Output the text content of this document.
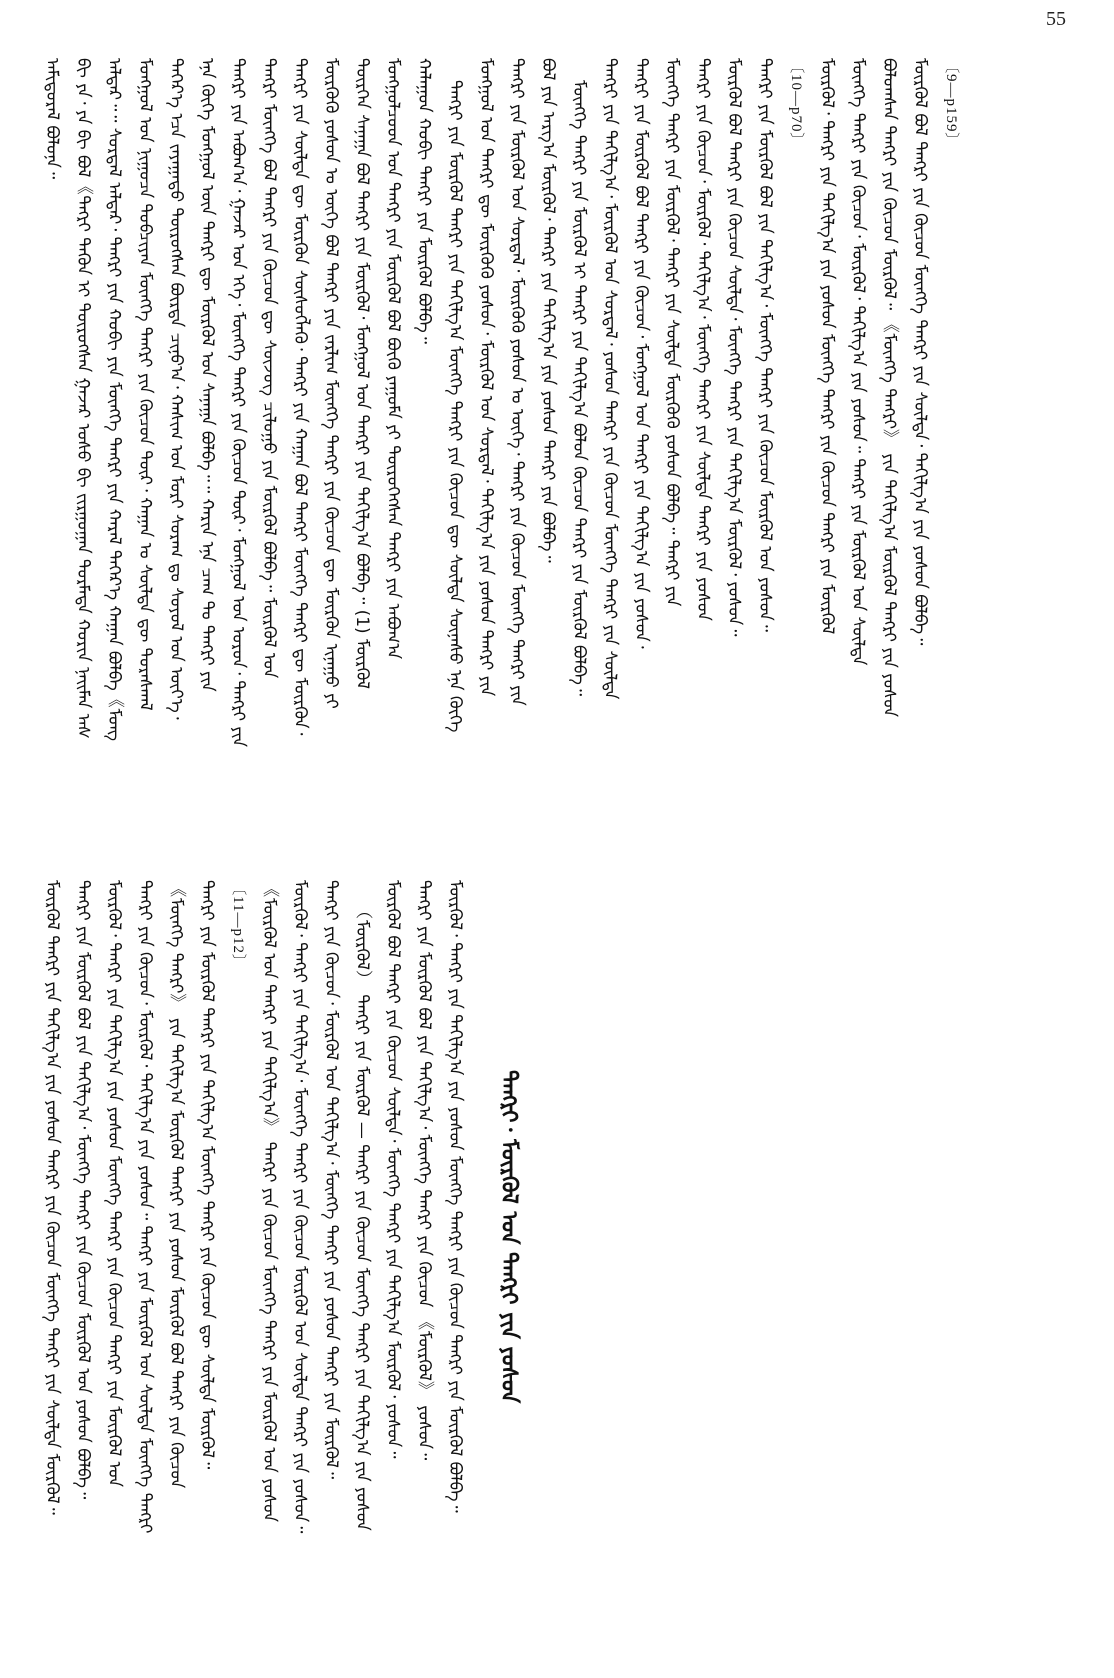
55
ᠠᠮᠢᠳᠤᠷᠠᠯ ᠪᠣᠯᠤᠨᠠ᠃ ᠪᠢ ᠶᠠ᠂ ᠶᠠ ᠪᠢ ᠪᠣᠯ《ᠲᠡᠭᠷᠢ ᠲᠡᠭᠦᠨ ᠢ ᠲᠥᠷᠥᠭᠰᠡᠨ ᠭᠠᠵᠠᠷ ᠤᠰᠤ ᠪᠢ ᠵᠢᠷᠭᠤᠭᠠᠨ ᠲᠣᠷᠮᠠᠲᠠ ᠬᠣᠷᠢᠨ ᠨᠠᠢᠮᠠᠨ ᠠᠰ ᠠᠯᠳᠠᠷ᠃᠃ ᠰᠤᠷᠲᠠᠯ ᠠᠯᠳᠠᠷ᠂ ᠲᠡᠩᠷᠢ ᠶᠢᠨ ᠬᠤᠪᠢ ᠶᠢᠨ ᠮᠦᠩᠬᠡ ᠲᠡᠩᠷᠢ ᠶᠢᠨ ᠬᠠᠷᠠᠯ ᠳᠡᠭᠡᠷ᠎ᠡ ᠬᠠᠭᠠᠨ ᠪᠣᠯᠪᠠ《ᠮᠣᠩ ᠮᠣᠩᠭᠣᠯ ᠤᠨ ᠨᠢᠭᠤᠴᠠ ᠲᠣᠪᠴᠢᠶᠠᠨ ᠮᠥᠩᠬᠡ ᠲᠡᠩᠷᠢ ᠶᠢᠨ ᠬᠦᠴᠦᠨ ᠳᠦᠷ᠂ ᠬᠠᠭᠠᠨ ᠤ ᠰᠦᠯᠳᠡ ᠳᠦ ᠳᠤᠷᠠᠰᠬᠠᠯ ᠳᠡᠭᠡᠷ᠎ᠡ ᠡᠴᠡ ᠵᠠᠶᠠᠭᠠᠲᠤ ᠲᠥᠷᠥᠭᠰᠡᠨ ᠪᠥᠷᠲᠡ ᠴᠢᠨᠣ᠎ᠠ᠂ ᠬᠠᠰᠢᠭ ᠤᠨ ᠮᠣᠷᠢ ᠰᠤᠷᠠᠭ ᠳᠤ ᠰᠣᠶᠣᠯ ᠤᠨ ᠦᠶ᠎ᠡ᠂ ᠡᠨᠡ ᠬᠥᠬᠡ ᠮᠣᠩᠭᠣᠯ ᠦᠨ ᠲᠡᠩᠷᠢ ᠳᠦ ᠮᠥᠷᠭᠦᠯ ᠤᠨ ᠰᠠᠨᠠᠭᠠ ᠪᠣᠯᠪᠠ᠃᠃ ᠬᠠᠷᠢᠨ ᠡᠨᠡ ᠴᠠᠭ ᠲᠤ ᠲᠡᠩᠷᠢ ᠶᠢᠨ ᠲᠡᠩᠷᠢ ᠶᠢᠨ ᠠᠪᠤᠭ᠎ᠠ᠂ ᠭᠠᠵᠠᠷ ᠤᠨ ᠡᠬᠡ᠂ ᠮᠥᠩᠬᠡ ᠲᠡᠩᠷᠢ ᠶᠢᠨ ᠬᠦᠴᠦᠨ ᠳᠦᠷ᠂ ᠮᠣᠩᠭᠣᠯ ᠤᠨ ᠣᠷᠤᠨ᠂ ᠲᠡᠩᠷᠢ ᠶᠢᠨ ᠲᠡᠩᠷᠢ ᠮᠥᠩᠬᠡ ᠪᠣᠯ ᠲᠡᠩᠷᠢ ᠶᠢᠨ ᠬᠦᠴᠦᠨ ᠳᠦ ᠰᠦᠵᠦᠭ ᠴᠢᠯᠤᠭᠤ ᠶᠢᠨ ᠮᠥᠷᠭᠦᠯ ᠪᠣᠯᠪᠠ᠃ ᠮᠥᠷᠭᠦᠯ ᠤᠨ ᠲᠡᠩᠷᠢ ᠶᠢᠨ ᠰᠦᠯᠳᠡ ᠳᠦ ᠮᠥᠷᠭᠦᠨ ᠰᠦᠰᠥᠭᠯᠡᠬᠦ᠂ ᠲᠡᠩᠷᠢ ᠶᠢᠨ ᠬᠠᠭᠠᠨ ᠪᠣᠯ ᠲᠡᠩᠷᠢ ᠮᠥᠩᠬᠡ ᠲᠡᠩᠷᠢ ᠳᠦ ᠮᠥᠷᠭᠦᠨ᠂ ᠮᠥᠷᠭᠦᠬᠦ ᠶᠣᠰᠣᠨ ᠤ ᠦᠭᠡ ᠪᠣᠯ ᠲᠡᠩᠷᠢ ᠶᠢᠨ ᠵᠠᠷᠯᠢᠭ ᠮᠥᠩᠬᠡ ᠲᠡᠩᠷᠢ ᠶᠢᠨ ᠬᠦᠴᠦᠨ ᠳᠦ ᠮᠥᠷᠭᠦᠨ ᠢᠨᠠᠭᠤ ᠶᠢ ᠲᠦᠷᠭᠡᠨ ᠰᠠᠨᠠᠭᠠ ᠪᠣᠯ ᠲᠡᠩᠷᠢ ᠶᠢᠨ ᠮᠥᠷᠭᠦᠯ᠂ ᠮᠣᠩᠭᠣᠯ ᠤᠨ ᠲᠡᠩᠷᠢ ᠶᠢᠨ ᠲᠠᠬᠢᠯᠭ᠎ᠠ ᠪᠣᠯᠪᠠ᠃ (1) ᠮᠥᠷᠭᠦᠯ ᠮᠣᠩᠭᠣᠯᠴᠤᠳ ᠤᠨ ᠲᠡᠩᠷᠢ ᠶᠢᠨ ᠮᠥᠷᠭᠦᠯ ᠪᠣᠯ ᠪᠦᠬᠦ ᠶᠠᠭᠤᠮᠠ ᠶᠢ ᠲᠥᠷᠥᠭᠡᠭᠰᠡᠨ ᠲᠡᠩᠷᠢ ᠶᠢᠨ ᠠᠪᠤᠭ᠎ᠠ ᠬᠠᠯᠠᠭᠤᠨ ᠬᠤᠪᠢ ᠲᠡᠩᠷᠢ ᠶᠢᠨ ᠮᠥᠷᠭᠦᠯ ᠪᠣᠯᠪᠠ᠃ ᠲᠡᠩᠷᠢ ᠶᠢᠨ ᠮᠥᠷᠭᠦᠯ ᠲᠡᠩᠷᠢ ᠶᠢᠨ ᠲᠠᠬᠢᠯᠭ᠎ᠠ ᠮᠥᠩᠬᠡ ᠲᠡᠩᠷᠢ ᠶᠢᠨ ᠬᠦᠴᠦᠨ ᠳᠦ ᠰᠦᠯᠳᠡ ᠰᠦᠨᠡᠰᠦ ᠡᠨᠡ ᠬᠥᠬᠡ ᠮᠣᠩᠭᠣᠯ ᠤᠨ ᠲᠡᠩᠷᠢ ᠳᠦ ᠮᠥᠷᠭᠦᠬᠦ ᠶᠣᠰᠣᠨ᠂ ᠮᠥᠷᠭᠦᠯ ᠤᠨ ᠰᠤᠷᠲᠠᠯ᠂ ᠲᠠᠬᠢᠯᠭ᠎ᠠ ᠶᠢᠨ ᠶᠣᠰᠣᠨ ᠲᠡᠩᠷᠢ ᠶᠢᠨ ᠲᠡᠩᠷᠢ ᠶᠢᠨ ᠮᠥᠷᠭᠦᠯ ᠤᠨ ᠰᠤᠷᠲᠠᠯ᠂ ᠮᠥᠷᠭᠦᠬᠦ ᠶᠣᠰᠣᠨ ᠤ ᠦᠭᠡ᠂ ᠲᠡᠩᠷᠢ ᠶᠢᠨ ᠬᠦᠴᠦᠨ ᠮᠥᠩᠬᠡ ᠲᠡᠩᠷᠢ ᠶᠢᠨ ᠪᠣᠯ ᠶᠢᠨ ᠠᠷᠭ᠎ᠠ ᠮᠥᠷᠭᠦᠯ᠂ ᠲᠡᠩᠷᠢ ᠶᠢᠨ ᠲᠠᠬᠢᠯᠭ᠎ᠠ ᠶᠢᠨ ᠶᠣᠰᠣᠨ ᠲᠡᠩᠷᠢ ᠶᠢᠨ ᠪᠣᠯᠪᠠ᠃ ᠮᠥᠩᠬᠡ ᠲᠡᠩᠷᠢ ᠶᠢᠨ ᠮᠥᠷᠭᠦᠯ ᠢ ᠲᠡᠩᠷᠢ ᠶᠢᠨ ᠲᠠᠬᠢᠯᠭ᠎ᠠ ᠪᠣᠯᠤᠨ ᠬᠦᠴᠦᠨ ᠲᠡᠩᠷᠢ ᠶᠢᠨ ᠮᠥᠷᠭᠦᠯ ᠪᠣᠯᠪᠠ᠃ ᠲᠡᠩᠷᠢ ᠶᠢᠨ ᠲᠠᠬᠢᠯᠭ᠎ᠠ᠂ ᠮᠥᠷᠭᠦᠯ ᠤᠨ ᠰᠤᠷᠲᠠᠯ᠂ ᠶᠣᠰᠣᠨ ᠲᠡᠩᠷᠢ ᠶᠢᠨ ᠬᠦᠴᠦᠨ ᠮᠥᠩᠬᠡ ᠲᠡᠩᠷᠢ ᠶᠢᠨ ᠰᠦᠯᠳᠡ ᠲᠡᠩᠷᠢ ᠶᠢᠨ ᠮᠥᠷᠭᠦᠯ ᠪᠣᠯ ᠲᠡᠩᠷᠢ ᠶᠢᠨ ᠬᠦᠴᠦᠨ᠂ ᠮᠣᠩᠭᠣᠯ ᠤᠨ ᠲᠡᠩᠷᠢ ᠶᠢᠨ ᠲᠠᠬᠢᠯᠭ᠎ᠠ ᠶᠢᠨ ᠶᠣᠰᠣᠨ᠂ ᠮᠥᠩᠬᠡ ᠲᠡᠩᠷᠢ ᠶᠢᠨ ᠮᠥᠷᠭᠦᠯ᠂ ᠲᠡᠩᠷᠢ ᠶᠢᠨ ᠰᠦᠯᠳᠡ ᠮᠥᠷᠭᠦᠬᠦ ᠶᠣᠰᠣᠨ ᠪᠣᠯᠪᠠ᠃ ᠲᠡᠩᠷᠢ ᠶᠢᠨ ᠲᠡᠩᠷᠢ ᠶᠢᠨ ᠬᠦᠴᠦᠨ᠂ ᠮᠥᠷᠭᠦᠯ᠂ ᠲᠠᠬᠢᠯᠭ᠎ᠠ᠂ ᠮᠥᠩᠬᠡ ᠲᠡᠩᠷᠢ ᠶᠢᠨ ᠰᠦᠯᠳᠡ ᠲᠡᠩᠷᠢ ᠶᠢᠨ ᠶᠣᠰᠣᠨ ᠮᠥᠷᠭᠦᠯ ᠪᠣᠯ ᠲᠡᠩᠷᠢ ᠶᠢᠨ ᠬᠦᠴᠦᠨ ᠰᠦᠯᠳᠡ᠂ ᠮᠥᠩᠬᠡ ᠲᠡᠩᠷᠢ ᠶᠢᠨ ᠲᠠᠬᠢᠯᠭ᠎ᠠ ᠮᠥᠷᠭᠦᠯ᠂ ᠶᠣᠰᠣᠨ᠃ ᠲᠡᠩᠷᠢ ᠶᠢᠨ ᠮᠥᠷᠭᠦᠯ ᠪᠣᠯ ᠶᠢᠨ ᠲᠠᠬᠢᠯᠭ᠎ᠠ᠂ ᠮᠥᠩᠬᠡ ᠲᠡᠩᠷᠢ ᠶᠢᠨ ᠬᠦᠴᠦᠨ ᠮᠥᠷᠭᠦᠯ ᠤᠨ ᠶᠣᠰᠣᠨ᠃ 〔10—p70〕 ᠮᠥᠷᠭᠦᠯ᠂ ᠲᠡᠩᠷᠢ ᠶᠢᠨ ᠲᠠᠬᠢᠯᠭ᠎ᠠ ᠶᠢᠨ ᠶᠣᠰᠣᠨ ᠮᠥᠩᠬᠡ ᠲᠡᠩᠷᠢ ᠶᠢᠨ ᠬᠦᠴᠦᠨ ᠲᠡᠩᠷᠢ ᠶᠢᠨ ᠮᠥᠷᠭᠦᠯ ᠮᠥᠩᠬᠡ ᠲᠡᠩᠷᠢ ᠶᠢᠨ ᠬᠦᠴᠦᠨ᠂ ᠮᠥᠷᠭᠦᠯ᠂ ᠲᠠᠬᠢᠯᠭ᠎ᠠ ᠶᠢᠨ ᠶᠣᠰᠣᠨ᠃ ᠲᠡᠩᠷᠢ ᠶᠢᠨ ᠮᠥᠷᠭᠦᠯ ᠤᠨ ᠰᠦᠯᠳᠡ ᠪᠣᠯᠤᠭᠰᠠᠨ ᠲᠡᠩᠷᠢ ᠶᠢᠨ ᠬᠦᠴᠦᠨ ᠮᠥᠷᠭᠦᠯ᠃ 《ᠮᠥᠩᠬᠡ ᠲᠡᠩᠷᠢ》 ᠶᠢᠨ ᠲᠠᠬᠢᠯᠭ᠎ᠠ ᠮᠥᠷᠭᠦᠯ ᠲᠡᠩᠷᠢ ᠶᠢᠨ ᠶᠣᠰᠣᠨ ᠮᠥᠷᠭᠦᠯ ᠪᠣᠯ ᠲᠡᠩᠷᠢ ᠶᠢᠨ ᠬᠦᠴᠦᠨ ᠮᠥᠩᠬᠡ ᠲᠡᠩᠷᠢ ᠶᠢᠨ ᠰᠦᠯᠳᠡ᠂ ᠲᠠᠬᠢᠯᠭ᠎ᠠ ᠶᠢᠨ ᠶᠣᠰᠣᠨ ᠪᠣᠯᠪᠠ᠃ 〔9—p159〕
ᠮᠥᠷᠭᠦᠯ ᠲᠡᠩᠷᠢ ᠶᠢᠨ ᠲᠠᠬᠢᠯᠭ᠎ᠠ ᠶᠢᠨ ᠶᠣᠰᠣᠨ ᠲᠡᠩᠷᠢ ᠶᠢᠨ ᠬᠦᠴᠦᠨ ᠮᠥᠩᠬᠡ ᠲᠡᠩᠷᠢ ᠶᠢᠨ ᠰᠦᠯᠳᠡ ᠮᠥᠷᠭᠦᠯ᠃ ᠲᠡᠩᠷᠢ ᠶᠢᠨ ᠮᠥᠷᠭᠦᠯ ᠪᠣᠯ ᠶᠢᠨ ᠲᠠᠬᠢᠯᠭ᠎ᠠ᠂ ᠮᠥᠩᠬᠡ ᠲᠡᠩᠷᠢ ᠶᠢᠨ ᠬᠦᠴᠦᠨ ᠮᠥᠷᠭᠦᠯ ᠤᠨ ᠶᠣᠰᠣᠨ ᠪᠣᠯᠪᠠ᠃ ᠮᠥᠷᠭᠦᠯ᠂ ᠲᠡᠩᠷᠢ ᠶᠢᠨ ᠲᠠᠬᠢᠯᠭ᠎ᠠ ᠶᠢᠨ ᠶᠣᠰᠣᠨ ᠮᠥᠩᠬᠡ ᠲᠡᠩᠷᠢ ᠶᠢᠨ ᠬᠦᠴᠦᠨ ᠲᠡᠩᠷᠢ ᠶᠢᠨ ᠮᠥᠷᠭᠦᠯ ᠤᠨ ᠲᠡᠩᠷᠢ ᠶᠢᠨ ᠬᠦᠴᠦᠨ᠂ ᠮᠥᠷᠭᠦᠯ᠂ ᠲᠠᠬᠢᠯᠭ᠎ᠠ ᠶᠢᠨ ᠶᠣᠰᠣᠨ᠃ ᠲᠡᠩᠷᠢ ᠶᠢᠨ ᠮᠥᠷᠭᠦᠯ ᠤᠨ ᠰᠦᠯᠳᠡ ᠮᠥᠩᠬᠡ ᠲᠡᠩᠷᠢ 《ᠮᠥᠩᠬᠡ ᠲᠡᠩᠷᠢ》 ᠶᠢᠨ ᠲᠠᠬᠢᠯᠭ᠎ᠠ ᠮᠥᠷᠭᠦᠯ ᠲᠡᠩᠷᠢ ᠶᠢᠨ ᠶᠣᠰᠣᠨ ᠮᠥᠷᠭᠦᠯ ᠪᠣᠯ ᠲᠡᠩᠷᠢ ᠶᠢᠨ ᠬᠦᠴᠦᠨ ᠲᠡᠩᠷᠢ ᠶᠢᠨ ᠮᠥᠷᠭᠦᠯ ᠲᠡᠩᠷᠢ ᠶᠢᠨ ᠲᠠᠬᠢᠯᠭ᠎ᠠ ᠮᠥᠩᠬᠡ ᠲᠡᠩᠷᠢ ᠶᠢᠨ ᠬᠦᠴᠦᠨ ᠳᠦ ᠰᠦᠯᠳᠡ ᠮᠥᠷᠭᠦᠯ᠃ 〔11—p12〕 《ᠮᠥᠷᠭᠦᠯ ᠤᠨ ᠲᠡᠩᠷᠢ ᠶᠢᠨ ᠲᠠᠬᠢᠯᠭ᠎ᠠ》 ᠲᠡᠩᠷᠢ ᠶᠢᠨ ᠬᠦᠴᠦᠨ ᠮᠥᠩᠬᠡ ᠲᠡᠩᠷᠢ ᠶᠢᠨ ᠮᠥᠷᠭᠦᠯ ᠤᠨ ᠶᠣᠰᠣᠨ ᠮᠥᠷᠭᠦᠯ᠂ ᠲᠡᠩᠷᠢ ᠶᠢᠨ ᠲᠠᠬᠢᠯᠭ᠎ᠠ᠂ ᠮᠥᠩᠬᠡ ᠲᠡᠩᠷᠢ ᠶᠢᠨ ᠬᠦᠴᠦᠨ ᠮᠥᠷᠭᠦᠯ ᠤᠨ ᠰᠦᠯᠳᠡ ᠲᠡᠩᠷᠢ ᠶᠢᠨ ᠶᠣᠰᠣᠨ᠃ ᠲᠡᠩᠷᠢ ᠶᠢᠨ ᠬᠦᠴᠦᠨ᠂ ᠮᠥᠷᠭᠦᠯ ᠤᠨ ᠲᠠᠬᠢᠯᠭ᠎ᠠ᠂ ᠮᠥᠩᠬᠡ ᠲᠡᠩᠷᠢ ᠶᠢᠨ ᠶᠣᠰᠣᠨ ᠲᠡᠩᠷᠢ ᠶᠢᠨ ᠮᠥᠷᠭᠦᠯ᠃ （ᠮᠥᠷᠭᠦᠯ） ᠲᠡᠩᠷᠢ ᠶᠢᠨ ᠮᠥᠷᠭᠦᠯ — ᠲᠡᠩᠷᠢ ᠶᠢᠨ ᠬᠦᠴᠦᠨ ᠮᠥᠩᠬᠡ ᠲᠡᠩᠷᠢ ᠶᠢᠨ ᠲᠠᠬᠢᠯᠭ᠎ᠠ ᠶᠢᠨ ᠶᠣᠰᠣᠨ ᠮᠥᠷᠭᠦᠯ ᠪᠣᠯ ᠲᠡᠩᠷᠢ ᠶᠢᠨ ᠬᠦᠴᠦᠨ ᠰᠦᠯᠳᠡ᠂ ᠮᠥᠩᠬᠡ ᠲᠡᠩᠷᠢ ᠶᠢᠨ ᠲᠠᠬᠢᠯᠭ᠎ᠠ ᠮᠥᠷᠭᠦᠯ᠂ ᠶᠣᠰᠣᠨ᠃ ᠲᠡᠩᠷᠢ ᠶᠢᠨ ᠮᠥᠷᠭᠦᠯ ᠪᠣᠯ ᠶᠢᠨ ᠲᠠᠬᠢᠯᠭ᠎ᠠ᠂ ᠮᠥᠩᠬᠡ ᠲᠡᠩᠷᠢ ᠶᠢᠨ ᠬᠦᠴᠦᠨ 《ᠮᠥᠷᠭᠦᠯ》 ᠶᠣᠰᠣᠨ᠃ ᠮᠥᠷᠭᠦᠯ᠂ ᠲᠡᠩᠷᠢ ᠶᠢᠨ ᠲᠠᠬᠢᠯᠭ᠎ᠠ ᠶᠢᠨ ᠶᠣᠰᠣᠨ ᠮᠥᠩᠬᠡ ᠲᠡᠩᠷᠢ ᠶᠢᠨ ᠬᠦᠴᠦᠨ ᠲᠡᠩᠷᠢ ᠶᠢᠨ ᠮᠥᠷᠭᠦᠯ ᠪᠣᠯᠪᠠ᠃	ᠲᠡᠩᠷᠢ᠂ ᠮᠥᠷᠭᠦᠯ ᠤᠨ ᠲᠡᠩᠷᠢ ᠶᠢᠨ ᠶᠣᠰᠣᠨ
